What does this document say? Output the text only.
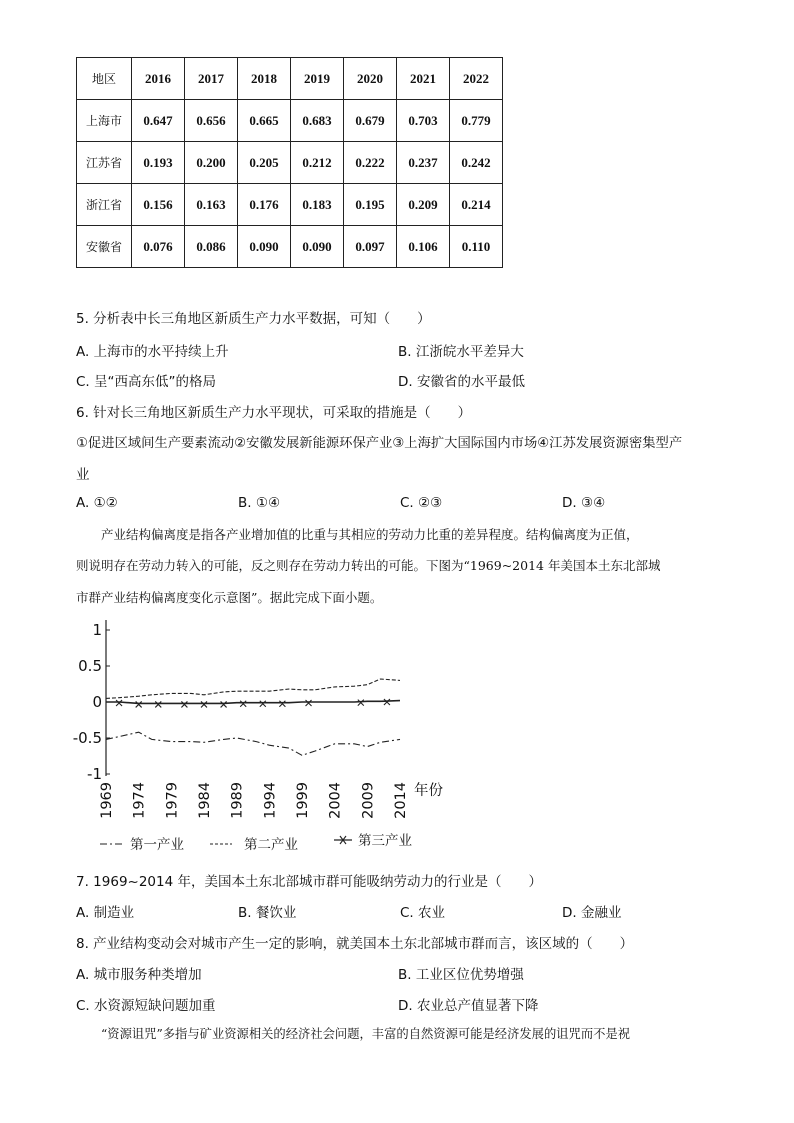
地区	2016	2017	2018	2019	2020	2021	2022
上海市	0.647	0.656	0.665	0.683	0.679	0.703	0.779
江苏省	0.193	0.200	0.205	0.212	0.222	0.237	0.242
浙江省	0.156	0.163	0.176	0.183	0.195	0.209	0.214
安徽省	0.076	0.086	0.090	0.090	0.097	0.106	0.110
5. 分析表中长三角地区新质生产力水平数据，可知（　　）
A. 上海市的水平持续上升	B. 江浙皖水平差异大
C. 呈“西高东低”的格局	D. 安徽省的水平最低
6. 针对长三角地区新质生产力水平现状，可采取的措施是（　　）
①促进区域间生产要素流动②安徽发展新能源环保产业③上海扩大国际国内市场④江苏发展资源密集型产
业
A. ①②	B. ①④	C. ②③	D. ③④
产业结构偏离度是指各产业增加值的比重与其相应的劳动力比重的差异程度。结构偏离度为正值，
则说明存在劳动力转入的可能，反之则存在劳动力转出的可能。下图为“1969~2014 年美国本土东北部城
市群产业结构偏离度变化示意图”。据此完成下面小题。
1
0.5
0
-0.5
-1
1969 1974 1979 1984 1989 1994 1999 2004 2009 2014 年份
第一产业	第二产业	第三产业
7. 1969~2014 年，美国本土东北部城市群可能吸纳劳动力的行业是（　　）
A. 制造业	B. 餐饮业	C. 农业	D. 金融业
8. 产业结构变动会对城市产生一定的影响，就美国本土东北部城市群而言，该区域的（　　）
A. 城市服务种类增加	B. 工业区位优势增强
C. 水资源短缺问题加重	D. 农业总产值显著下降
“资源诅咒”多指与矿业资源相关的经济社会问题，丰富的自然资源可能是经济发展的诅咒而不是祝
